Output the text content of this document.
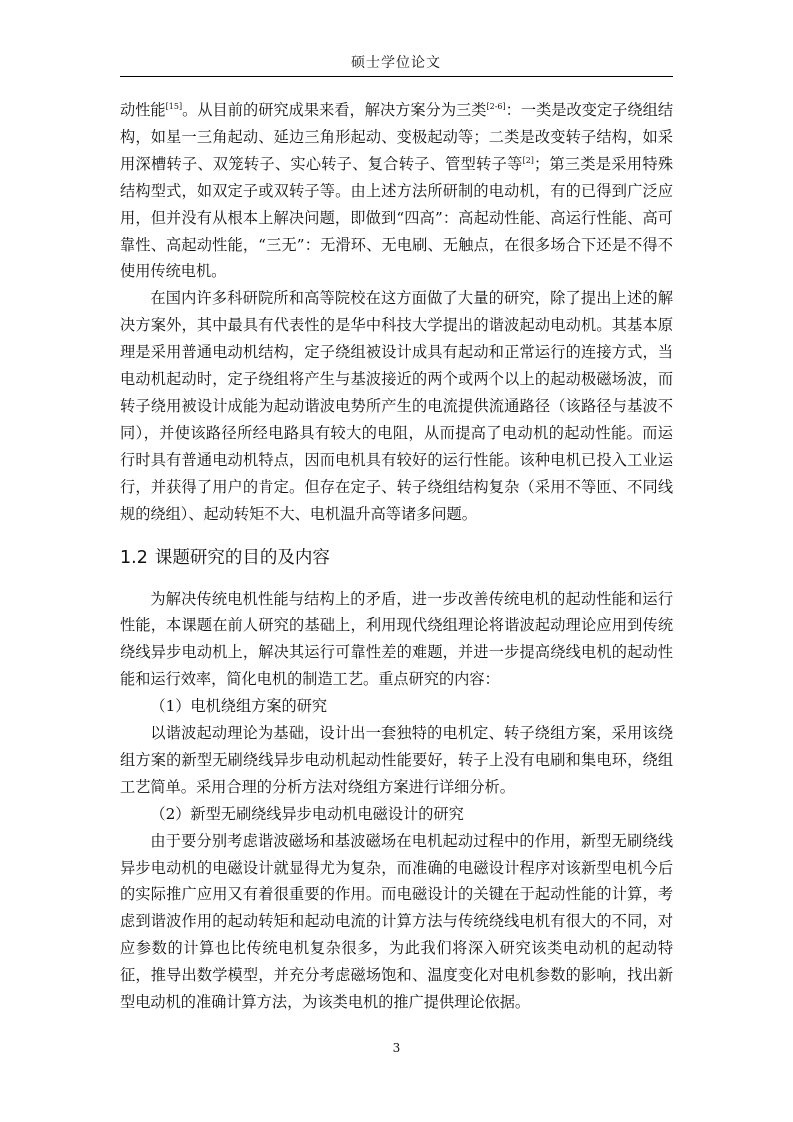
硕士学位论文

动性能[15]。从目前的研究成果来看，解决方案分为三类[2-6]：一类是改变定子绕组结构，如星一三角起动、延边三角形起动、变极起动等；二类是改变转子结构，如采用深槽转子、双笼转子、实心转子、复合转子、管型转子等[2]；第三类是采用特殊结构型式，如双定子或双转子等。由上述方法所研制的电动机，有的已得到广泛应用，但并没有从根本上解决问题，即做到“四高”：高起动性能、高运行性能、高可靠性、高起动性能，“三无”：无滑环、无电刷、无触点，在很多场合下还是不得不使用传统电机。

在国内许多科研院所和高等院校在这方面做了大量的研究，除了提出上述的解决方案外，其中最具有代表性的是华中科技大学提出的谐波起动电动机。其基本原理是采用普通电动机结构，定子绕组被设计成具有起动和正常运行的连接方式，当电动机起动时，定子绕组将产生与基波接近的两个或两个以上的起动极磁场波，而转子绕用被设计成能为起动谐波电势所产生的电流提供流通路径（该路径与基波不同），并使该路径所经电路具有较大的电阻，从而提高了电动机的起动性能。而运行时具有普通电动机特点，因而电机具有较好的运行性能。该种电机已投入工业运行，并获得了用户的肯定。但存在定子、转子绕组结构复杂（采用不等匝、不同线规的绕组）、起动转矩不大、电机温升高等诸多问题。

1.2 课题研究的目的及内容

为解决传统电机性能与结构上的矛盾，进一步改善传统电机的起动性能和运行性能，本课题在前人研究的基础上，利用现代绕组理论将谐波起动理论应用到传统绕线异步电动机上，解决其运行可靠性差的难题，并进一步提高绕线电机的起动性能和运行效率，简化电机的制造工艺。重点研究的内容：

（1）电机绕组方案的研究

以谐波起动理论为基础，设计出一套独特的电机定、转子绕组方案，采用该绕组方案的新型无刷绕线异步电动机起动性能要好，转子上没有电刷和集电环，绕组工艺简单。采用合理的分析方法对绕组方案进行详细分析。

（2）新型无刷绕线异步电动机电磁设计的研究

由于要分别考虑谐波磁场和基波磁场在电机起动过程中的作用，新型无刷绕线异步电动机的电磁设计就显得尤为复杂，而准确的电磁设计程序对该新型电机今后的实际推广应用又有着很重要的作用。而电磁设计的关键在于起动性能的计算，考虑到谐波作用的起动转矩和起动电流的计算方法与传统绕线电机有很大的不同，对应参数的计算也比传统电机复杂很多，为此我们将深入研究该类电动机的起动特征，推导出数学模型，并充分考虑磁场饱和、温度变化对电机参数的影响，找出新型电动机的准确计算方法，为该类电机的推广提供理论依据。

3
